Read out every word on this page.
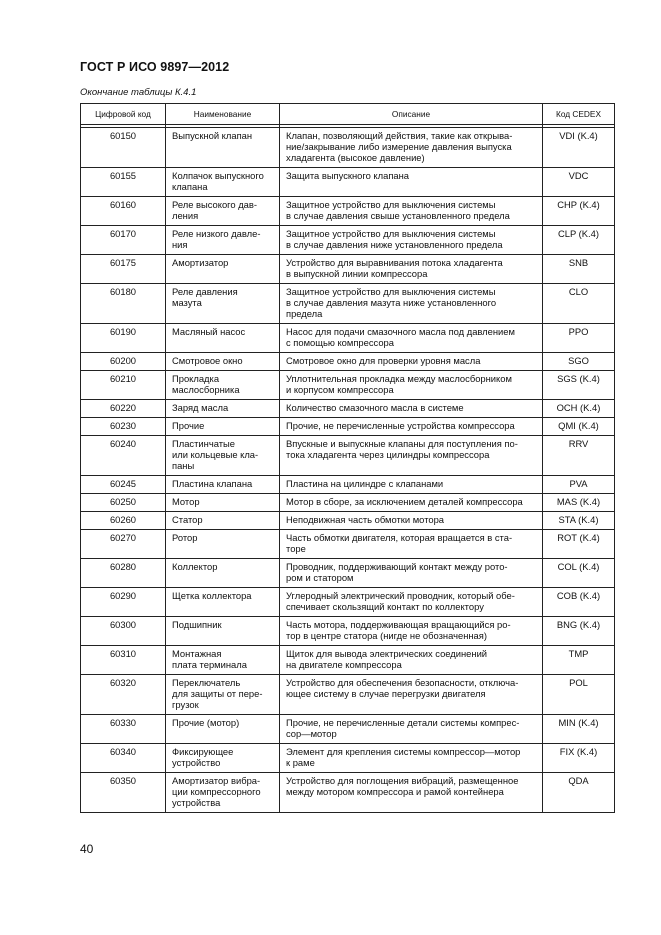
ГОСТ Р ИСО 9897—2012
Окончание таблицы К.4.1
Цифровой код	Наименование	Описание	Код CEDEX

60150	Выпускной клапан	Клапан, позволяющий действия, такие как открыва-
ние/закрывание либо измерение давления выпуска
хладагента (высокое давление)	VDI (K.4)
60155	Колпачок выпускного
клапана	Защита выпускного клапана	VDC
60160	Реле высокого дав-
ления	Защитное устройство для выключения системы
в случае давления свыше установленного предела	CHP (K.4)
60170	Реле низкого давле-
ния	Защитное устройство для выключения системы
в случае давления ниже установленного предела	CLP (K.4)
60175	Амортизатор	Устройство для выравнивания потока хладагента
в выпускной линии компрессора	SNB
60180	Реле давления
мазута	Защитное устройство для выключения системы
в случае давления мазута ниже установленного
предела	CLO
60190	Масляный насос	Насос для подачи смазочного масла под давлением
с помощью компрессора	PPO
60200	Смотровое окно	Смотровое окно для проверки уровня масла	SGO
60210	Прокладка
маслосборника	Уплотнительная прокладка между маслосборником
и корпусом компрессора	SGS (K.4)
60220	Заряд масла	Количество смазочного масла в системе	OCH (K.4)
60230	Прочие	Прочие, не перечисленные устройства компрессора	QMI (K.4)
60240	Пластинчатые
или кольцевые кла-
паны	Впускные и выпускные клапаны для поступления по-
тока хладагента через цилиндры компрессора	RRV
60245	Пластина клапана	Пластина на цилиндре с клапанами	PVA
60250	Мотор	Мотор в сборе, за исключением деталей компрессора	MAS (K.4)
60260	Статор	Неподвижная часть обмотки мотора	STA (K.4)
60270	Ротор	Часть обмотки двигателя, которая вращается в ста-
торе	ROT (K.4)
60280	Коллектор	Проводник, поддерживающий контакт между рото-
ром и статором	COL (K.4)
60290	Щетка коллектора	Углеродный электрический проводник, который обе-
спечивает скользящий контакт по коллектору	COB (K.4)
60300	Подшипник	Часть мотора, поддерживающая вращающийся ро-
тор в центре статора (нигде не обозначенная)	BNG (K.4)
60310	Монтажная
плата терминала	Щиток для вывода электрических соединений
на двигателе компрессора	TMP
60320	Переключатель
для защиты от пере-
грузок	Устройство для обеспечения безопасности, отключа-
ющее систему в случае перегрузки двигателя	POL
60330	Прочие (мотор)	Прочие, не перечисленные детали системы компрес-
сор—мотор	MIN (K.4)
60340	Фиксирующее
устройство	Элемент для крепления системы компрессор—мотор
к раме	FIX (K.4)
60350	Амортизатор вибра-
ции компрессорного
устройства	Устройство для поглощения вибраций, размещенное
между мотором компрессора и рамой контейнера	QDA
40
